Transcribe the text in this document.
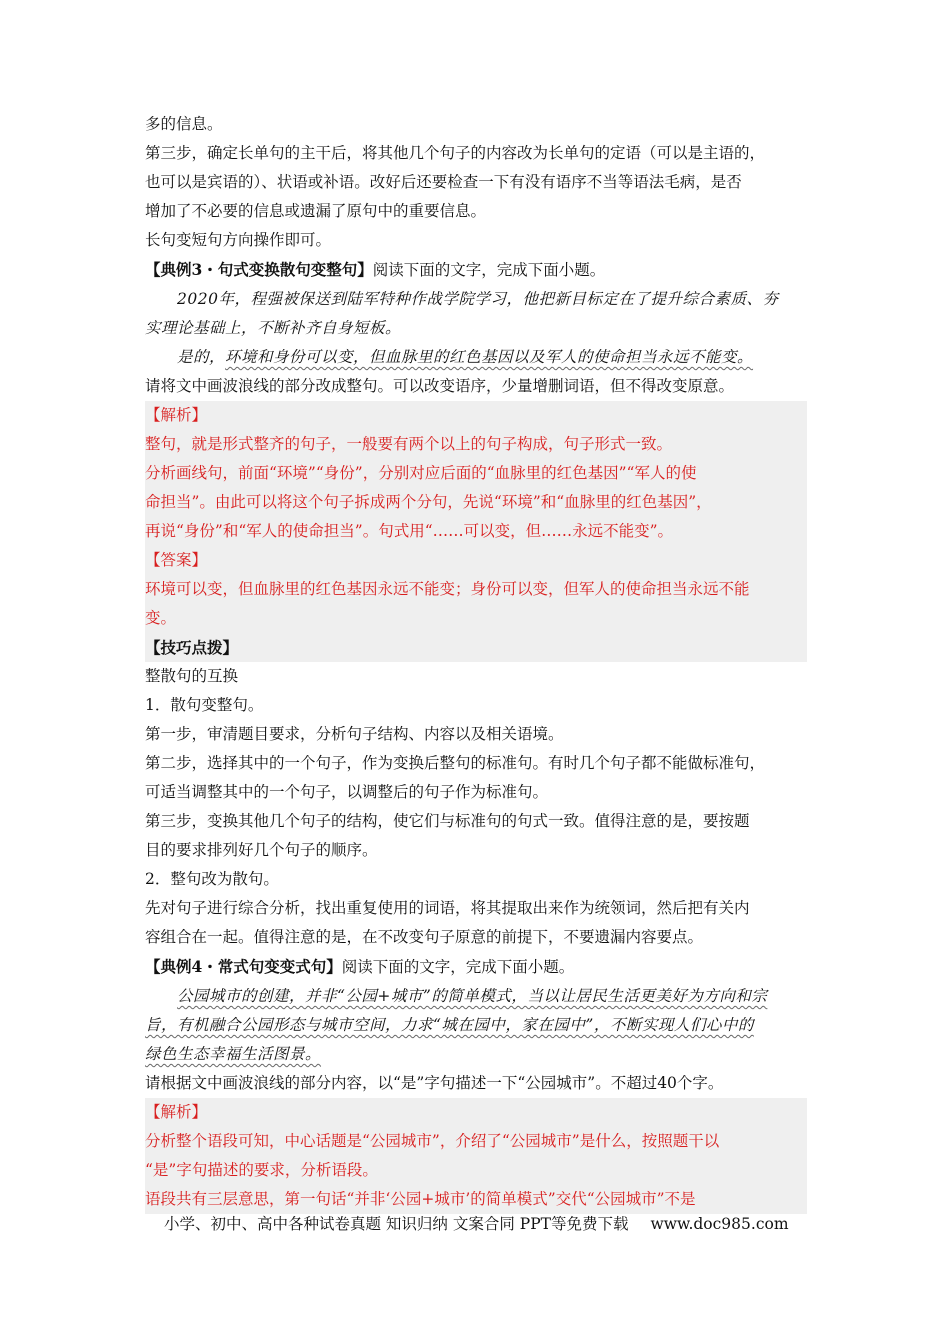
多的信息。
第三步，确定长单句的主干后，将其他几个句子的内容改为长单句的定语（可以是主语的，
也可以是宾语的）、状语或补语。改好后还要检查一下有没有语序不当等语法毛病，是否
增加了不必要的信息或遗漏了原句中的重要信息。
长句变短句方向操作即可。
【典例3・句式变换散句变整句】阅读下面的文字，完成下面小题。
2020年，程强被保送到陆军特种作战学院学习，他把新目标定在了提升综合素质、夯
实理论基础上，不断补齐自身短板。
是的，环境和身份可以变，但血脉里的红色基因以及军人的使命担当永远不能变。
请将文中画波浪线的部分改成整句。可以改变语序，少量增删词语，但不得改变原意。
【解析】
整句，就是形式整齐的句子，一般要有两个以上的句子构成，句子形式一致。
分析画线句，前面“环境”“身份”，分别对应后面的“血脉里的红色基因”“军人的使
命担当”。由此可以将这个句子拆成两个分句，先说“环境”和“血脉里的红色基因”，
再说“身份”和“军人的使命担当”。句式用“……可以变，但……永远不能变”。
【答案】
环境可以变，但血脉里的红色基因永远不能变；身份可以变，但军人的使命担当永远不能
变。
【技巧点拨】
整散句的互换
1．散句变整句。
第一步，审清题目要求，分析句子结构、内容以及相关语境。
第二步，选择其中的一个句子，作为变换后整句的标准句。有时几个句子都不能做标准句，
可适当调整其中的一个句子，以调整后的句子作为标准句。
第三步，变换其他几个句子的结构，使它们与标准句的句式一致。值得注意的是，要按题
目的要求排列好几个句子的顺序。
2．整句改为散句。
先对句子进行综合分析，找出重复使用的词语，将其提取出来作为统领词，然后把有关内
容组合在一起。值得注意的是，在不改变句子原意的前提下，不要遗漏内容要点。
【典例4・常式句变变式句】阅读下面的文字，完成下面小题。
公园城市的创建，并非“公园+城市”的简单模式，当以让居民生活更美好为方向和宗
旨，有机融合公园形态与城市空间，力求“城在园中，家在园中”，不断实现人们心中的
绿色生态幸福生活图景。
请根据文中画波浪线的部分内容，以“是”字句描述一下“公园城市”。不超过40个字。
【解析】
分析整个语段可知，中心话题是“公园城市”，介绍了“公园城市”是什么，按照题干以
“是”字句描述的要求，分析语段。
语段共有三层意思，第一句话“并非‘公园+城市’的简单模式”交代“公园城市”不是
小学、初中、高中各种试卷真题 知识归纳 文案合同 PPT等免费下载 www.doc985.com
